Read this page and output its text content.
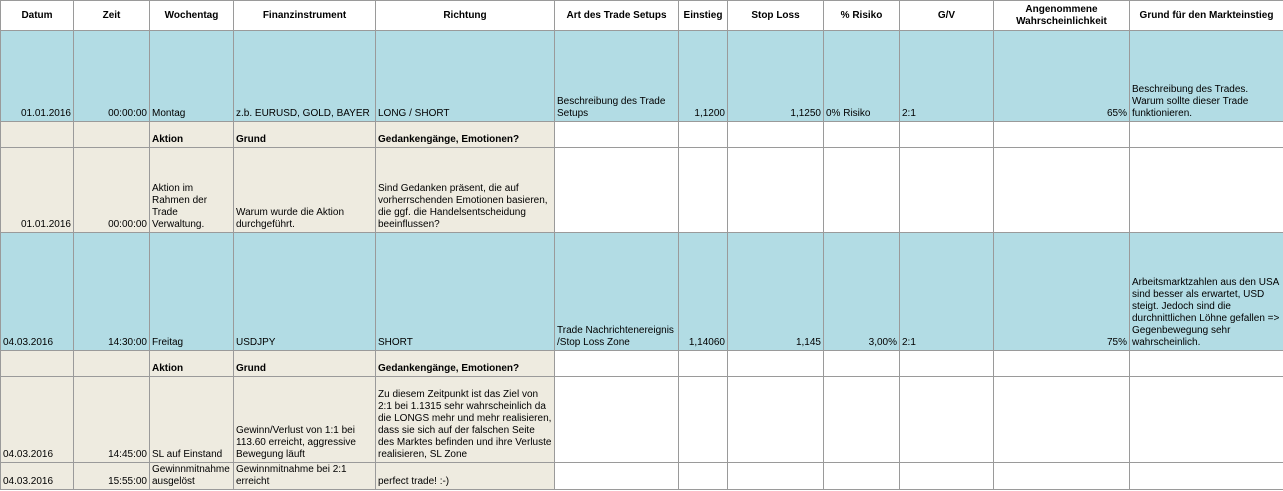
Datum	Zeit	Wochentag	Finanzinstrument	Richtung	Art des Trade Setups	Einstieg	Stop Loss	% Risiko	G/V	Angenommene Wahrscheinlichkeit	Grund für den Markteinstieg
01.01.2016	00:00:00	Montag	z.b. EURUSD, GOLD, BAYER	LONG / SHORT	Beschreibung des Trade Setups	1,1200	1,1250	0% Risiko	2:1	65%	Beschreibung des Trades. Warum sollte dieser Trade funktionieren.
		Aktion	Grund	Gedankengänge, Emotionen?							
01.01.2016	00:00:00	Aktion im Rahmen der Trade Verwaltung.	Warum wurde die Aktion durchgeführt.	Sind Gedanken präsent, die auf vorherrschenden Emotionen basieren, die ggf. die Handelsentscheidung beeinflussen?							
04.03.2016	14:30:00	Freitag	USDJPY	SHORT	Trade Nachrichtenereignis /Stop Loss Zone	1,14060	1,145	3,00%	2:1	75%	Arbeitsmarktzahlen aus den USA sind besser als erwartet, USD steigt. Jedoch sind die durchnittlichen Löhne gefallen => Gegenbewegung sehr wahrscheinlich.
		Aktion	Grund	Gedankengänge, Emotionen?							
04.03.2016	14:45:00	SL auf Einstand	Gewinn/Verlust von 1:1 bei 113.60 erreicht, aggressive Bewegung läuft	Zu diesem Zeitpunkt ist das Ziel von 2:1 bei 1.1315 sehr wahrscheinlich da die LONGS mehr und mehr realisieren, dass sie sich auf der falschen Seite des Marktes befinden und ihre Verluste realisieren, SL Zone							
04.03.2016	15:55:00	Gewinnmitnahme ausgelöst	Gewinnmitnahme bei 2:1 erreicht	perfect trade! :-)							
